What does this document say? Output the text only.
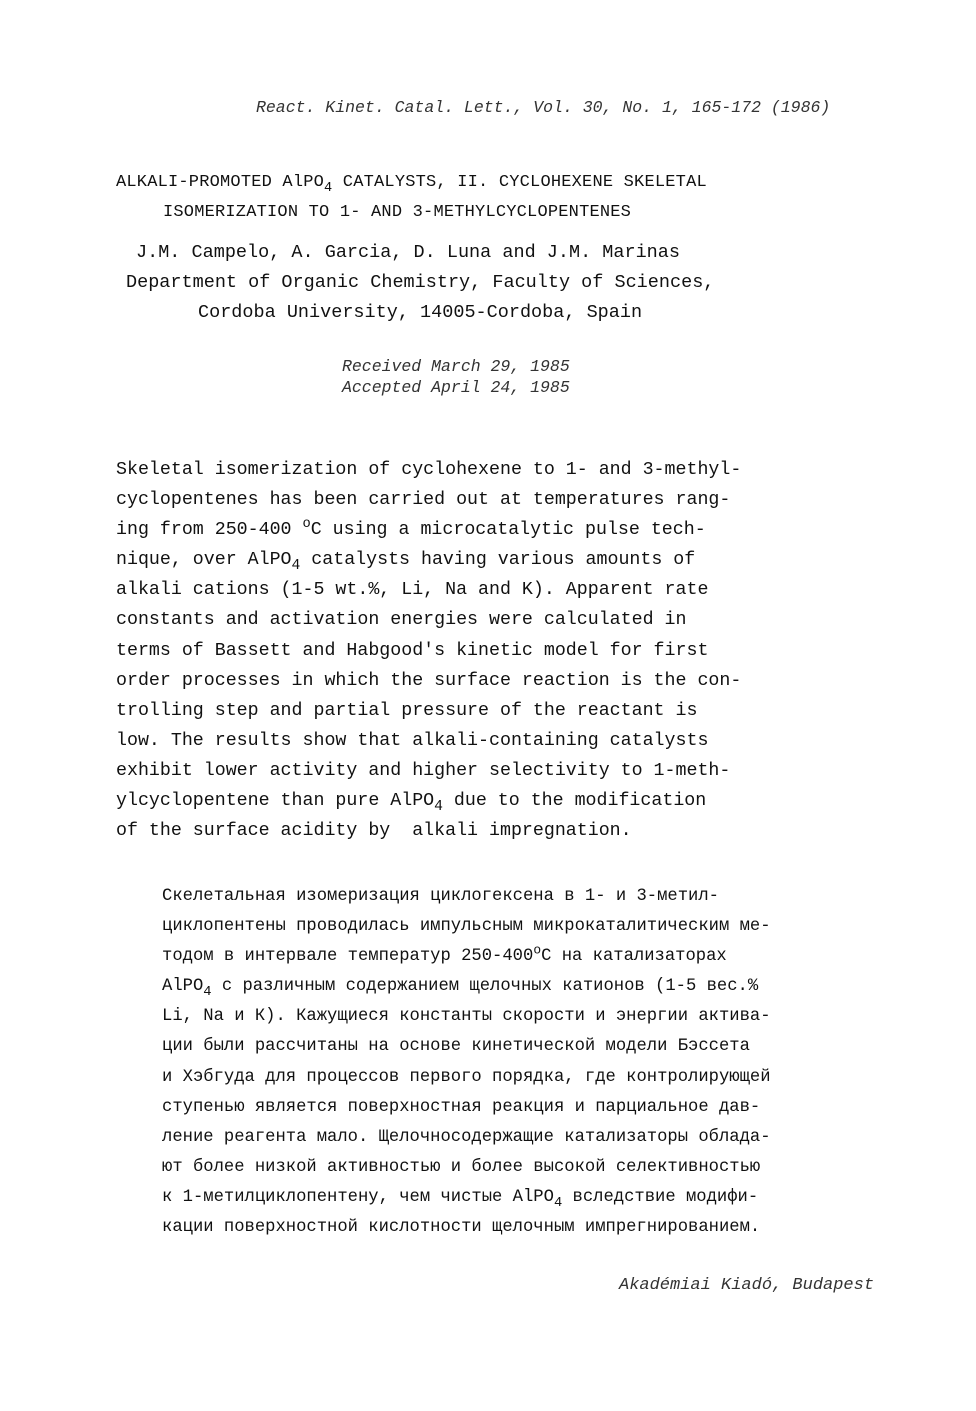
React. Kinet. Catal. Lett., Vol. 30, No. 1, 165-172 (1986)
ALKALI-PROMOTED AlPO$_4$ CATALYSTS, II. CYCLOHEXENE SKELETAL
ISOMERIZATION TO 1- AND 3-METHYLCYCLOPENTENES
J.M. Campelo, A. Garcia, D. Luna and J.M. Marinas
Department of Organic Chemistry, Faculty of Sciences,
Cordoba University, 14005-Cordoba, Spain
Received March 29, 1985
Accepted April 24, 1985
Skeletal isomerization of cyclohexene to 1- and 3-methyl-
cyclopentenes has been carried out at temperatures rang-
ing from 250-400 $^o$C using a microcatalytic pulse tech-
nique, over AlPO$_4$ catalysts having various amounts of
alkali cations (1-5 wt.%, Li, Na and K). Apparent rate
constants and activation energies were calculated in
terms of Bassett and Habgood's kinetic model for first
order processes in which the surface reaction is the con-
trolling step and partial pressure of the reactant is
low. The results show that alkali-containing catalysts
exhibit lower activity and higher selectivity to 1-meth-
ylcyclopentene than pure AlPO$_4$ due to the modification
of the surface acidity by  alkali impregnation.
Скелетальная изомеризация циклогексена в 1- и 3-метил-
циклопентены проводилась импульсным микрокаталитическим ме-
тодом в интервале температур $250-400^оС$ на катализаторах
AlPO$_4$ с различным содержанием щелочных катионов (1-5 вес.%
Li, Na и К). Кажущиеся константы скорости и энергии актива-
ции были рассчитаны на основе кинетической модели Бэссета
и Хэбгуда для процессов первого порядка, где контролирующей
ступенью является поверхностная реакция и парциальное дав-
ление реагента мало. Щелочносодержащие катализаторы облада-
ют более низкой активностью и более высокой селективностью
к 1-метилциклопентену, чем чистые AlPO$_4$ вследствие модифи-
кации поверхностной кислотности щелочным импрегнированием.
Akadémiai Kiadó, Budapest
